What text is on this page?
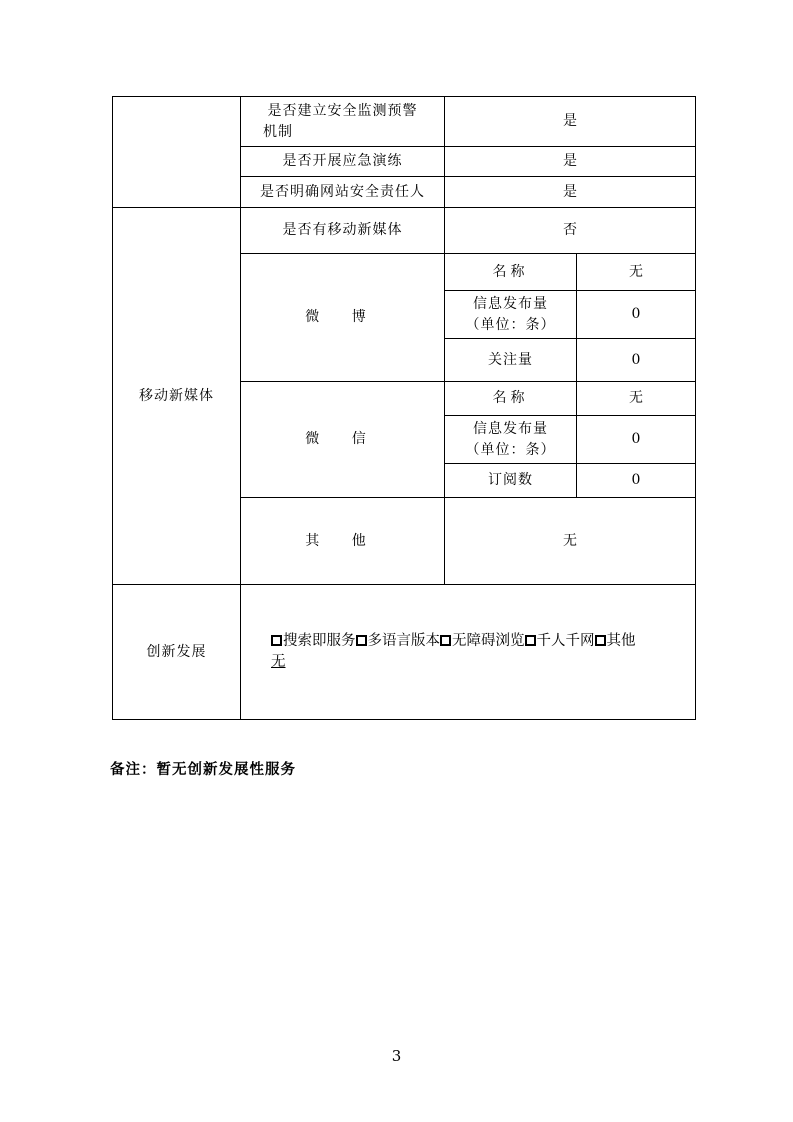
	是否建立安全监测预警
机制	是	
	是否开展应急演练	是	
	是否明确网站安全责任人	是	
移动新媒体	是否有移动新媒体	否	
	微 博	名称	无

		信息发布量
（单位：条）	0
		关注量	0
	微 信	名称	无

		信息发布量
（单位：条）	0
		订阅数	0
	其 他	无	
创新发展	搜索即服务 多语言版本 无障碍浏览 千人千网 其他
无		
备注：暂无创新发展性服务
3
